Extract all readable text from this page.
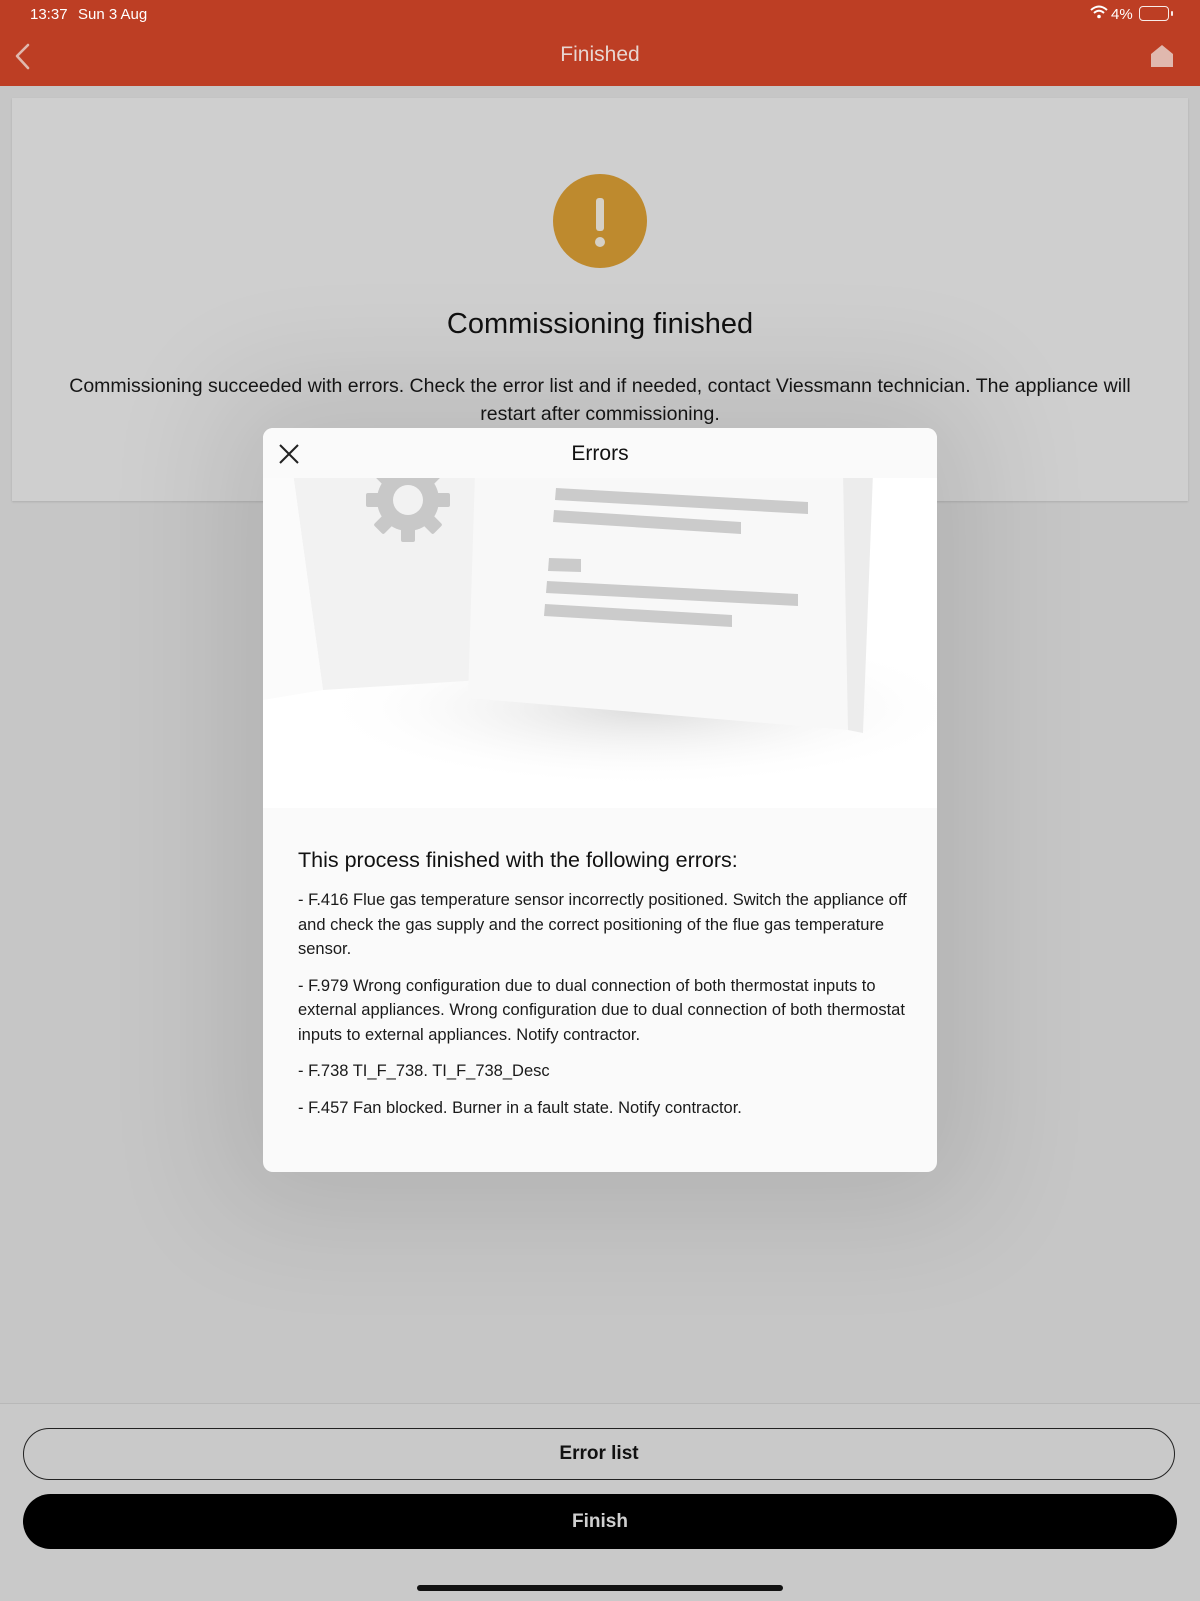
Finished
13:37 Sun 3 Aug	4%
Commissioning finished
Commissioning succeeded with errors. Check the error list and if needed, contact Viessmann technician. The appliance will restart after commissioning.
Errors
This process finished with the following errors:

- F.416 Flue gas temperature sensor incorrectly positioned. Switch the appliance off and check the gas supply and the correct positioning of the flue gas temperature sensor.

- F.979 Wrong configuration due to dual connection of both thermostat inputs to external appliances. Wrong configuration due to dual connection of both thermostat inputs to external appliances. Notify contractor.

- F.738 TI_F_738. TI_F_738_Desc

- F.457 Fan blocked. Burner in a fault state. Notify contractor.

Error list
Finish
